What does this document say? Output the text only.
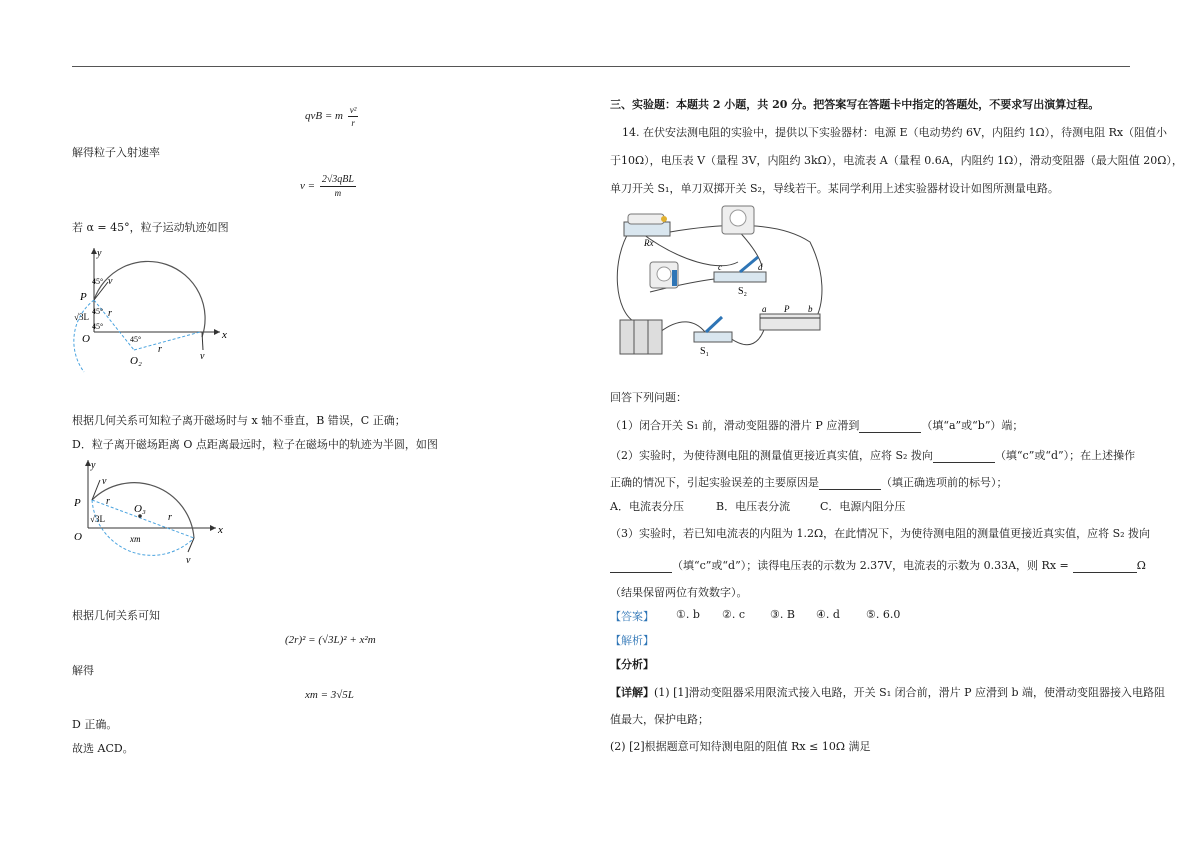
qvB = m $\frac{\text{v²}}{r}$
解得粒子入射速率
$v = \frac{\text{2√3qBL}}{m}$
若 α = 45°，粒子运动轨迹如图
y
x
P
O
O₂	v
v
45°
45°
45°
45°
r
r
√3L
根据几何关系可知粒子离开磁场时与 x 轴不垂直，B 错误，C 正确；
D．粒子离开磁场距离 O 点距离最远时，粒子在磁场中的轨迹为半圆，如图
y
x
P
O
O₃
v
v
r
r
√3L
xm
根据几何关系可知
(2r)² = (√3L)² + x²m
解得
xm = 3√5L
D 正确。
故选 ACD。
三、实验题：本题共 2 小题，共 20 分。把答案写在答题卡中指定的答题处，不要求写出演算过程。
14. 在伏安法测电阻的实验中，提供以下实验器材：电源 E（电动势约 6V，内阻约 1Ω），待测电阻 Rx（阻值小
于10Ω），电压表 V（量程 3V，内阻约 3kΩ），电流表 A（量程 0.6A，内阻约 1Ω），滑动变阻器（最大阻值 20Ω），
单刀开关 S₁，单刀双掷开关 S₂，导线若干。某同学利用上述实验器材设计如图所测量电路。
Rx
S₂
S₁
c	d
a P b
回答下列问题：
（1）闭合开关 S₁ 前，滑动变阻器的滑片 P 应滑到	（填“a”或“b”）端；
（2）实验时，为使待测电阻的测量值更接近真实值，应将 S₂ 拨向	（填“c”或“d”）；在上述操作
正确的情况下，引起实验误差的主要原因是	（填正确选项前的标号）；
A．电流表分压	B．电压表分流	C．电源内阻分压
（3）实验时，若已知电流表的内阻为 1.2Ω，在此情况下，为使待测电阻的测量值更接近真实值，应将 S₂ 拨向
（填“c”或“d”）；读得电压表的示数为 2.37V，电流表的示数为 0.33A，则 Rx =	Ω
（结果保留两位有效数字）。
【答案】 ①. b ②. c ③. B ④. d ⑤. 6.0
【解析】
【分析】
【详解】(1) [1]滑动变阻器采用限流式接入电路，开关 S₁ 闭合前，滑片 P 应滑到 b 端，使滑动变阻器接入电路阻
值最大，保护电路；
(2) [2]根据题意可知待测电阻的阻值 Rx ≤ 10Ω 满足
